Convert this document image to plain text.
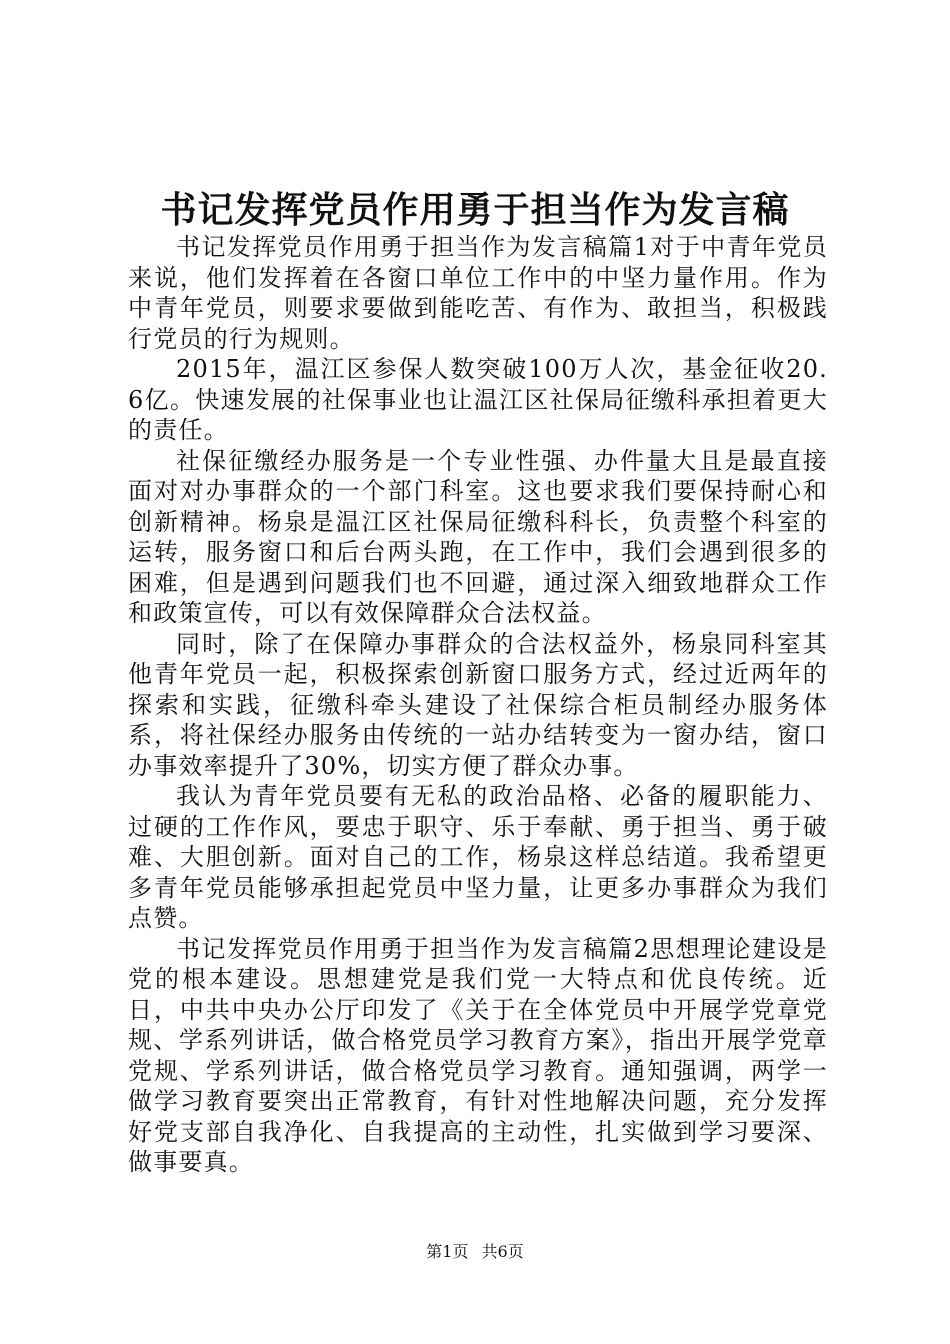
书记发挥党员作用勇于担当作为发言稿

书记发挥党员作用勇于担当作为发言稿篇1对于中青年党员来说，他们发挥着在各窗口单位工作中的中坚力量作用。作为中青年党员，则要求要做到能吃苦、有作为、敢担当，积极践行党员的行为规则。

2015年，温江区参保人数突破100万人次，基金征收20.6亿。快速发展的社保事业也让温江区社保局征缴科承担着更大的责任。

社保征缴经办服务是一个专业性强、办件量大且是最直接面对对办事群众的一个部门科室。这也要求我们要保持耐心和创新精神。杨泉是温江区社保局征缴科科长，负责整个科室的运转，服务窗口和后台两头跑，在工作中，我们会遇到很多的困难，但是遇到问题我们也不回避，通过深入细致地群众工作和政策宣传，可以有效保障群众合法权益。

同时，除了在保障办事群众的合法权益外，杨泉同科室其他青年党员一起，积极探索创新窗口服务方式，经过近两年的探索和实践，征缴科牵头建设了社保综合柜员制经办服务体系，将社保经办服务由传统的一站办结转变为一窗办结，窗口办事效率提升了30%，切实方便了群众办事。

我认为青年党员要有无私的政治品格、必备的履职能力、过硬的工作作风，要忠于职守、乐于奉献、勇于担当、勇于破难、大胆创新。面对自己的工作，杨泉这样总结道。我希望更多青年党员能够承担起党员中坚力量，让更多办事群众为我们点赞。

书记发挥党员作用勇于担当作为发言稿篇2思想理论建设是党的根本建设。思想建党是我们党一大特点和优良传统。近日，中共中央办公厅印发了《关于在全体党员中开展学党章党规、学系列讲话，做合格党员学习教育方案》，指出开展学党章党规、学系列讲话，做合格党员学习教育。通知强调，两学一做学习教育要突出正常教育，有针对性地解决问题，充分发挥好党支部自我净化、自我提高的主动性，扎实做到学习要深、做事要真。

第1页 共6页
